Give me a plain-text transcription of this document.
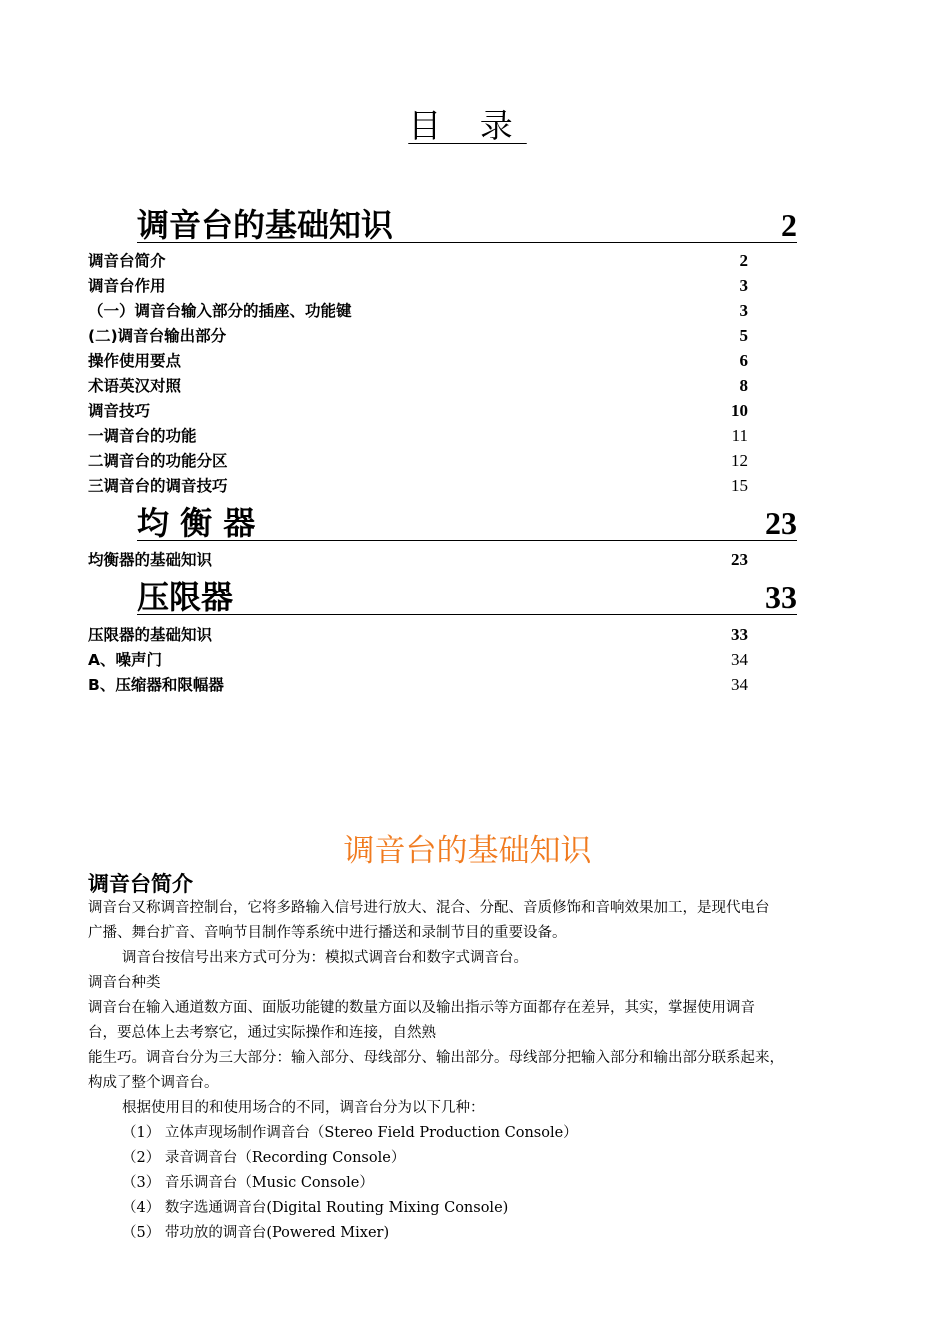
目 录
调音台的基础知识	2
调音台简介	2
调音台作用	3
（一）调音台输入部分的插座、功能键	3
(二)调音台输出部分	5
操作使用要点	6
术语英汉对照	8
调音技巧	10
一调音台的功能	11
二调音台的功能分区	12
三调音台的调音技巧	15
均 衡 器	23
均衡器的基础知识	23
压限器	33
压限器的基础知识	33
A、噪声门	34
B、压缩器和限幅器	34
调音台的基础知识
调音台简介
调音台又称调音控制台，它将多路输入信号进行放大、混合、分配、音质修饰和音响效果加工，是现代电台
广播、舞台扩音、音响节目制作等系统中进行播送和录制节目的重要设备。
调音台按信号出来方式可分为：模拟式调音台和数字式调音台。
调音台种类
调音台在输入通道数方面、面版功能键的数量方面以及输出指示等方面都存在差异，其实，掌握使用调音
台，要总体上去考察它，通过实际操作和连接，自然熟
能生巧。调音台分为三大部分：输入部分、母线部分、输出部分。母线部分把输入部分和输出部分联系起来，
构成了整个调音台。
根据使用目的和使用场合的不同，调音台分为以下几种：
（1） 立体声现场制作调音台（Stereo Field Production Console）
（2） 录音调音台（Recording Console）
（3） 音乐调音台（Music Console）
（4） 数字选通调音台(Digital Routing Mixing Console)
（5） 带功放的调音台(Powered Mixer)
